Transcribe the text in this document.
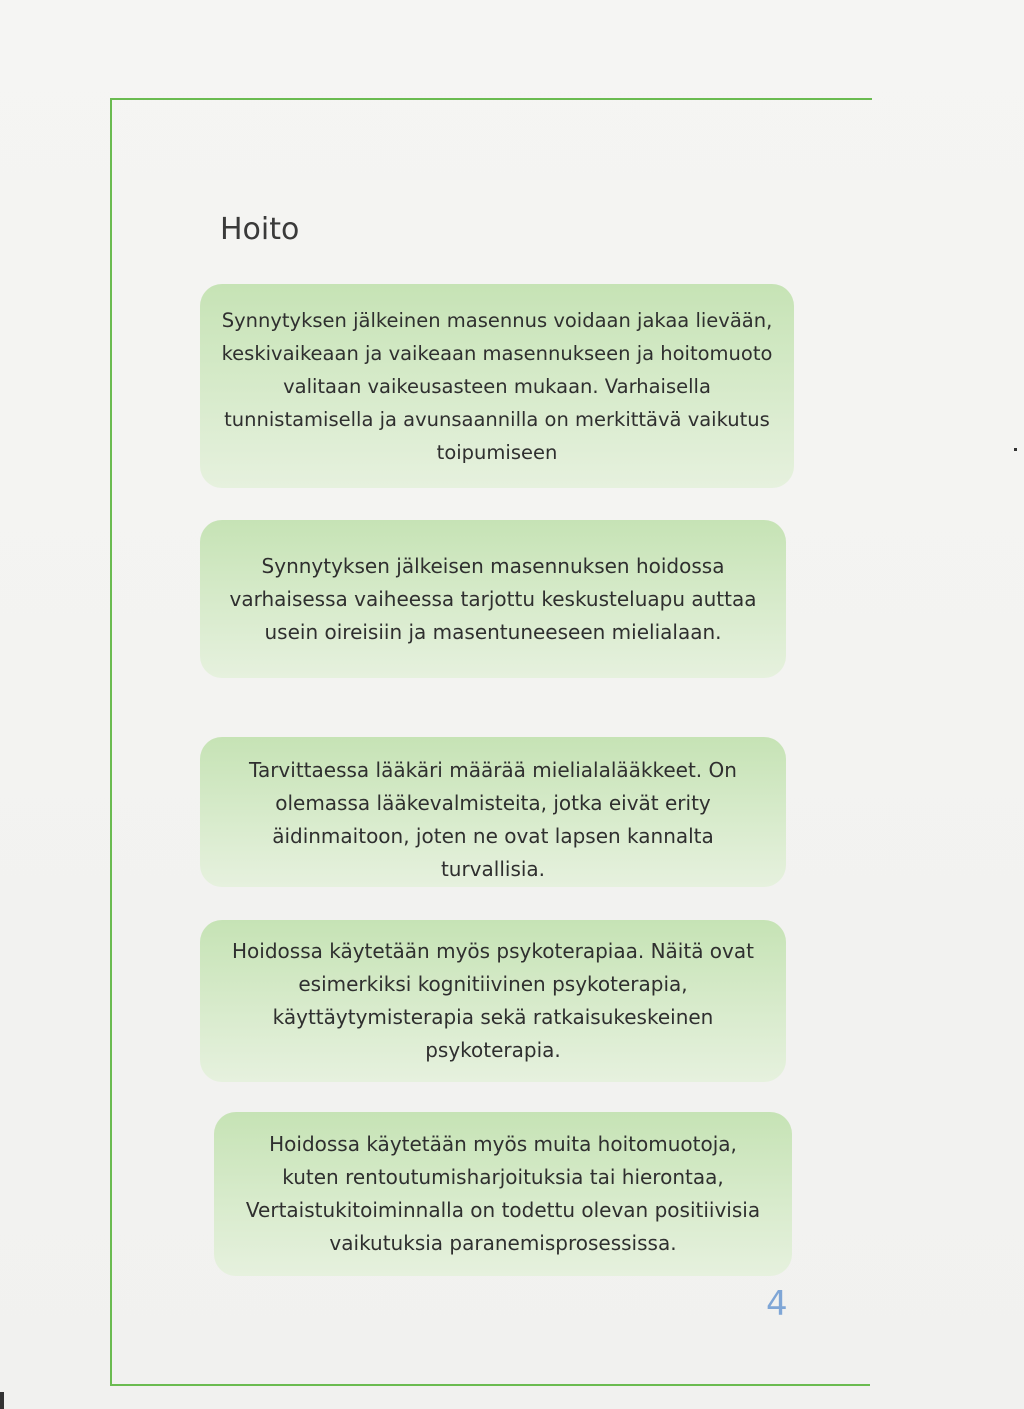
Hoito

Synnytyksen jälkeinen masennus voidaan jakaa lievään,
keskivaikeaan ja vaikeaan masennukseen ja hoitomuoto
valitaan vaikeusasteen mukaan. Varhaisella
tunnistamisella ja avunsaannilla on merkittävä vaikutus
toipumiseen

Synnytyksen jälkeisen masennuksen hoidossa
varhaisessa vaiheessa tarjottu keskusteluapu auttaa
usein oireisiin ja masentuneeseen mielialaan.

Tarvittaessa lääkäri määrää mielialalääkkeet. On
olemassa lääkevalmisteita, jotka eivät erity
äidinmaitoon, joten ne ovat lapsen kannalta
turvallisia.

Hoidossa käytetään myös psykoterapiaa. Näitä ovat
esimerkiksi kognitiivinen psykoterapia,
käyttäytymisterapia sekä ratkaisukeskeinen
psykoterapia.

Hoidossa käytetään myös muita hoitomuotoja,
kuten rentoutumisharjoituksia tai hierontaa,
Vertaistukitoiminnalla on todettu olevan positiivisia
vaikutuksia paranemisprosessissa.

4
